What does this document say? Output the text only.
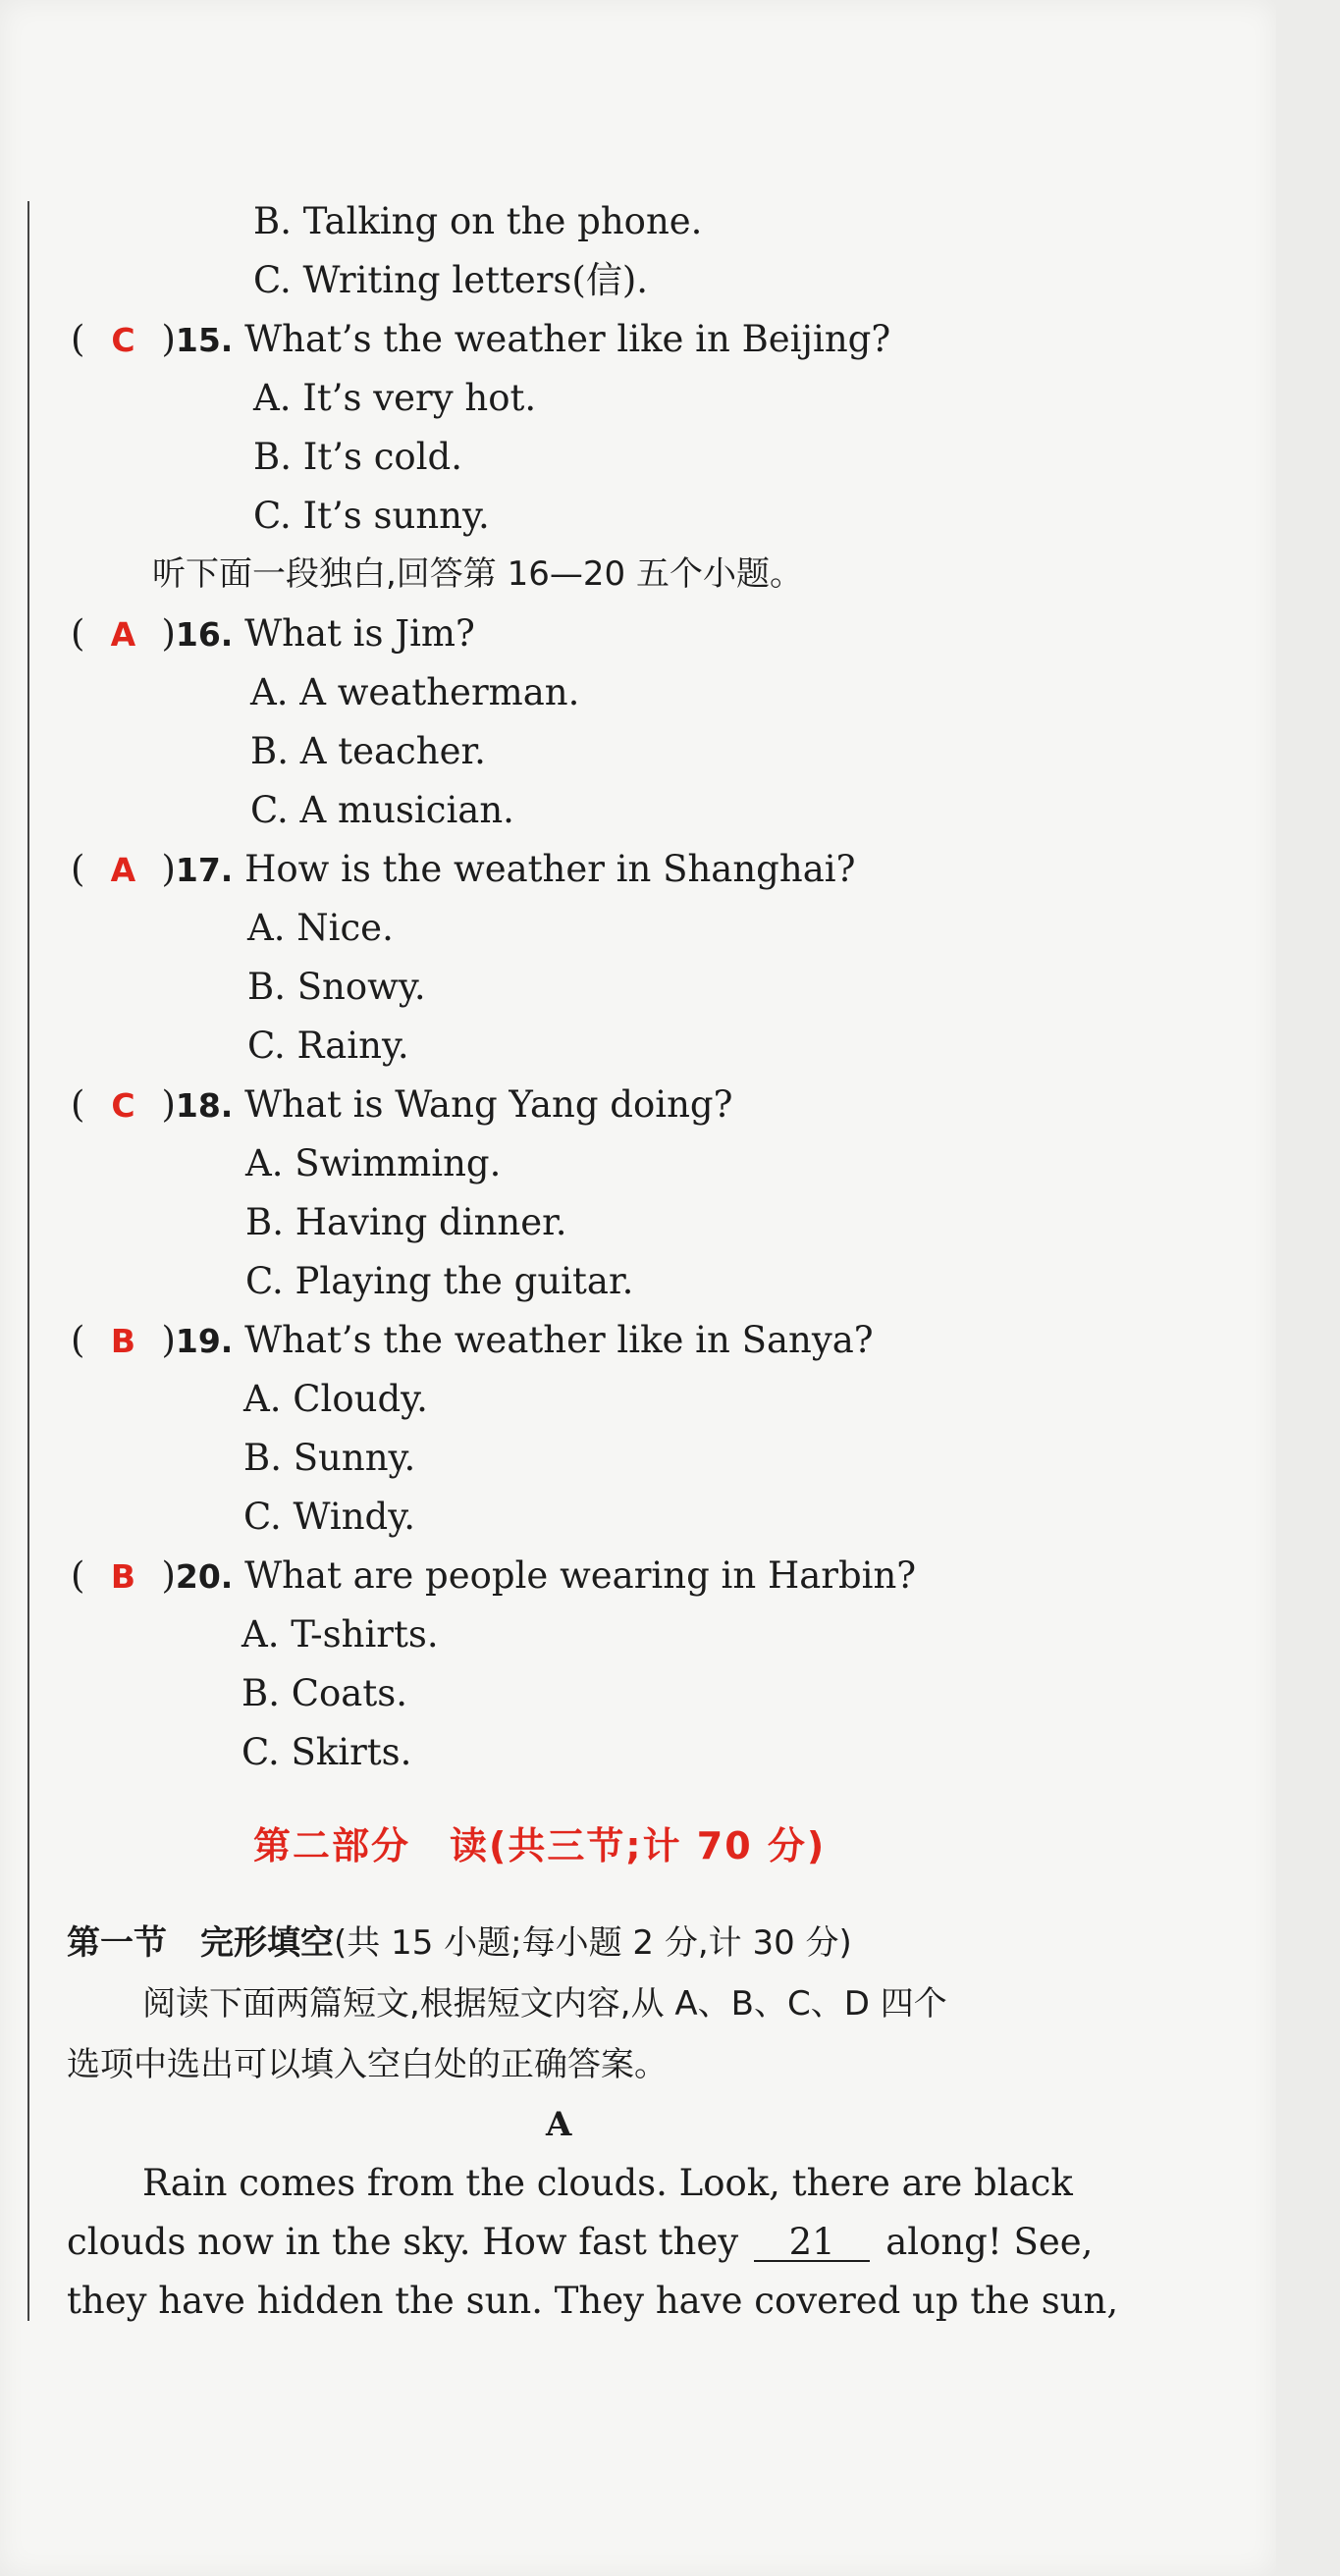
B. Talking on the phone.
C. Writing letters(信).
( C )15. What’s the weather like in Beijing?
A. It’s very hot.
B. It’s cold.
C. It’s sunny.
听下面一段独白,回答第 16—20 五个小题。
( A )16. What is Jim?
A. A weatherman.
B. A teacher.
C. A musician.
( A )17. How is the weather in Shanghai?
A. Nice.
B. Snowy.
C. Rainy.
( C )18. What is Wang Yang doing?
A. Swimming.
B. Having dinner.
C. Playing the guitar.
( B )19. What’s the weather like in Sanya?
A. Cloudy.
B. Sunny.
C. Windy.
( B )20. What are people wearing in Harbin?
A. T-shirts.
B. Coats.
C. Skirts.
第二部分　读(共三节;计 70 分)
第一节　完形填空(共 15 小题;每小题 2 分,计 30 分)
阅读下面两篇短文,根据短文内容,从 A、B、C、D 四个
选项中选出可以填入空白处的正确答案。
A
Rain comes from the clouds. Look, there are black
clouds now in the sky. How fast they 21 along! See,
they have hidden the sun. They have covered up the sun,
